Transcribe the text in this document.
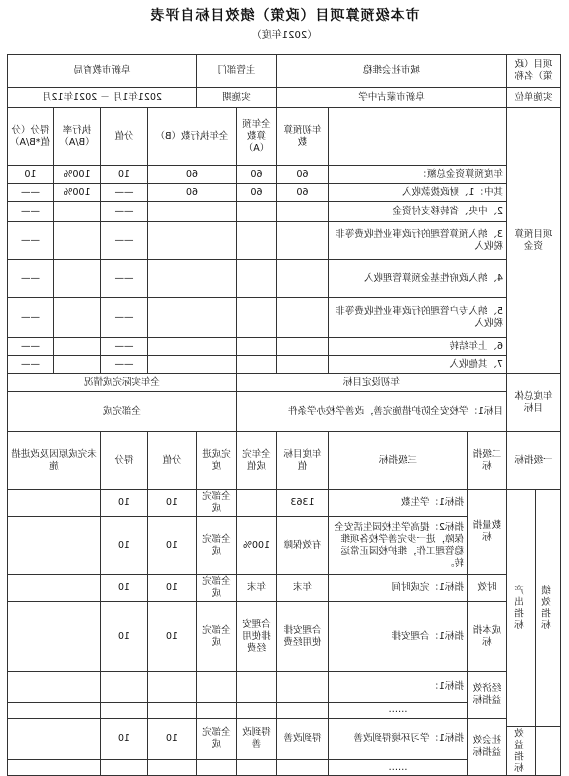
市本级预算项目（政策）绩效目标自评表
（2021年度）
项目（政策）名称	城市社会维稳	主管部门	阜新市教育局
实施单位	阜新市蒙古中学	实施期	2021年1月 － 2021年12月
项目预算资金		年初预算数	全年预算数（A）	全年执行数（B）	分值	执行率（B/A）	得分（分值*B/A）
年度预算资金总额：	60	60	60	10	100%	10
其中：1、财政拨款收入	60	60	60	——	100%	——
2、中央、省转移支付资金				——		——
3、纳入预算管理的行政事业性收费等非税收入				——		——
4、纳入政府性基金预算管理收入				——		——
5、纳入专户管理的行政事业性收费等非税收入				——		——
6、上年结转				——		——
7、其他收入				——		——
年度总体目标	年初设定目标	全年实际完成情况
目标1：学校安全防护措施完善，改善学校办学条件	全部完成
一级指标	二级指标	三级指标	年度目标值	全年完成值	完成进度	分值	得分	未完成原因及改进措施

绩效指标	产出指标
	效益指标
	数量指标	指标1：学生数	1363		全部完成	10	10	
指标2：提高学生校园生活安全保障，进一步完善学校各项维稳管理工作，维护校园正常运转。	有效保障	100%	全部完成	10	10	
时效	指标1：完成时间	年末	年末	全部完成	10	10	
成本指标	指标1：合理安排	合理安排使用经费	合理安排使用经费	全部完成	10	10	
经济效益指标	指标1：						
……						
社会效益指标	指标1：学习环境得到改善	得到改善	得到改善	全部完成	10	10	
……						
